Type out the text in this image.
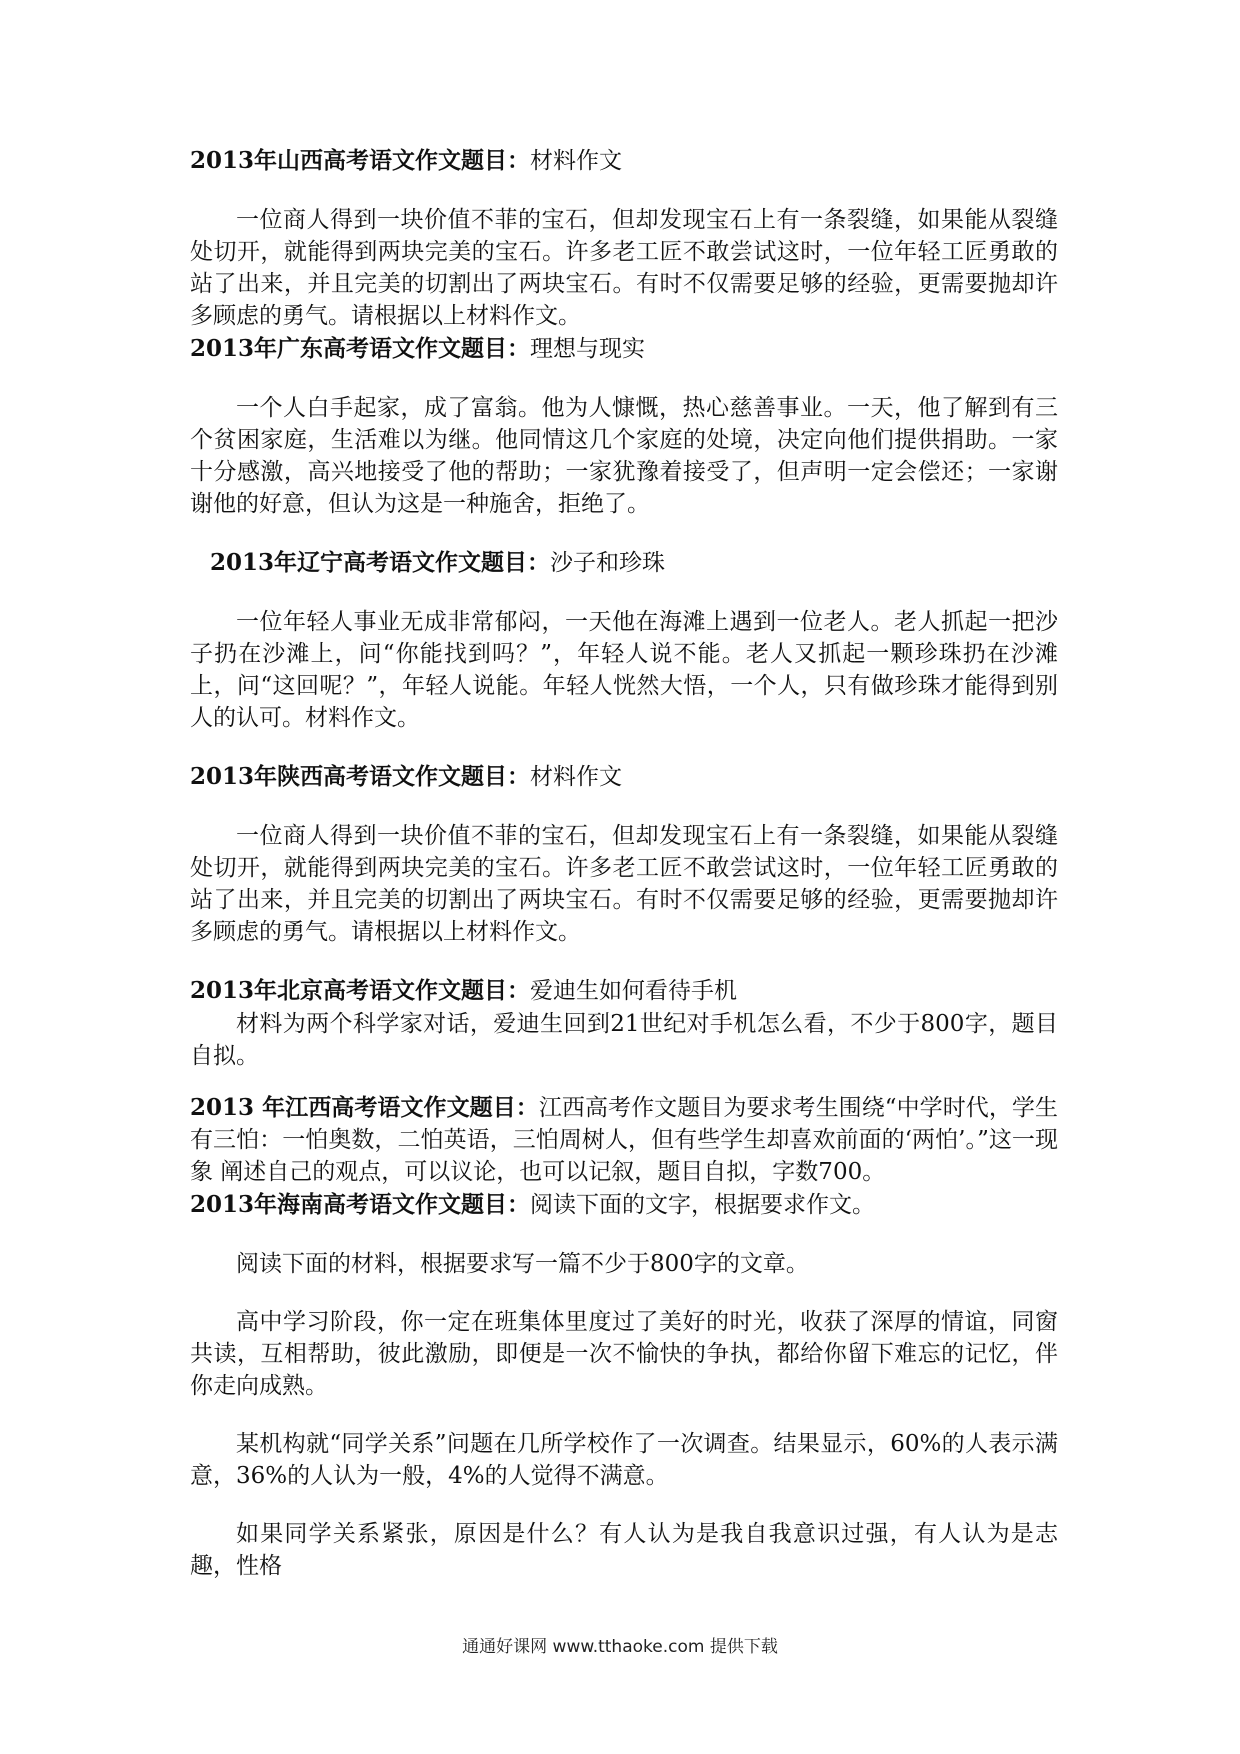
2013年山西高考语文作文题目：材料作文

一位商人得到一块价值不菲的宝石，但却发现宝石上有一条裂缝，如果能从裂缝处切开，就能得到两块完美的宝石。许多老工匠不敢尝试这时，一位年轻工匠勇敢的站了出来，并且完美的切割出了两块宝石。有时不仅需要足够的经验，更需要抛却许多顾虑的勇气。请根据以上材料作文。

2013年广东高考语文作文题目：理想与现实

一个人白手起家，成了富翁。他为人慷慨，热心慈善事业。一天，他了解到有三个贫困家庭，生活难以为继。他同情这几个家庭的处境，决定向他们提供捐助。一家十分感激，高兴地接受了他的帮助；一家犹豫着接受了，但声明一定会偿还；一家谢谢他的好意，但认为这是一种施舍，拒绝了。

2013年辽宁高考语文作文题目：沙子和珍珠

一位年轻人事业无成非常郁闷，一天他在海滩上遇到一位老人。老人抓起一把沙子扔在沙滩上，问“你能找到吗？”，年轻人说不能。老人又抓起一颗珍珠扔在沙滩上，问“这回呢？”，年轻人说能。年轻人恍然大悟，一个人，只有做珍珠才能得到别人的认可。材料作文。

2013年陕西高考语文作文题目：材料作文

一位商人得到一块价值不菲的宝石，但却发现宝石上有一条裂缝，如果能从裂缝处切开，就能得到两块完美的宝石。许多老工匠不敢尝试这时，一位年轻工匠勇敢的站了出来，并且完美的切割出了两块宝石。有时不仅需要足够的经验，更需要抛却许多顾虑的勇气。请根据以上材料作文。

2013年北京高考语文作文题目：爱迪生如何看待手机

材料为两个科学家对话，爱迪生回到21世纪对手机怎么看，不少于800字，题目自拟。

2013 年江西高考语文作文题目：江西高考作文题目为要求考生围绕“中学时代，学生有三怕：一怕奥数，二怕英语，三怕周树人，但有些学生却喜欢前面的‘两怕’。”这一现象 阐述自己的观点，可以议论，也可以记叙，题目自拟，字数700。

2013年海南高考语文作文题目：阅读下面的文字，根据要求作文。

阅读下面的材料，根据要求写一篇不少于800字的文章。

高中学习阶段，你一定在班集体里度过了美好的时光，收获了深厚的情谊，同窗共读，互相帮助，彼此激励，即便是一次不愉快的争执，都给你留下难忘的记忆，伴你走向成熟。

某机构就“同学关系”问题在几所学校作了一次调查。结果显示，60%的人表示满意，36%的人认为一般，4%的人觉得不满意。

如果同学关系紧张，原因是什么？有人认为是我自我意识过强，有人认为是志趣，性格

通通好课网 www.tthaoke.com 提供下载
